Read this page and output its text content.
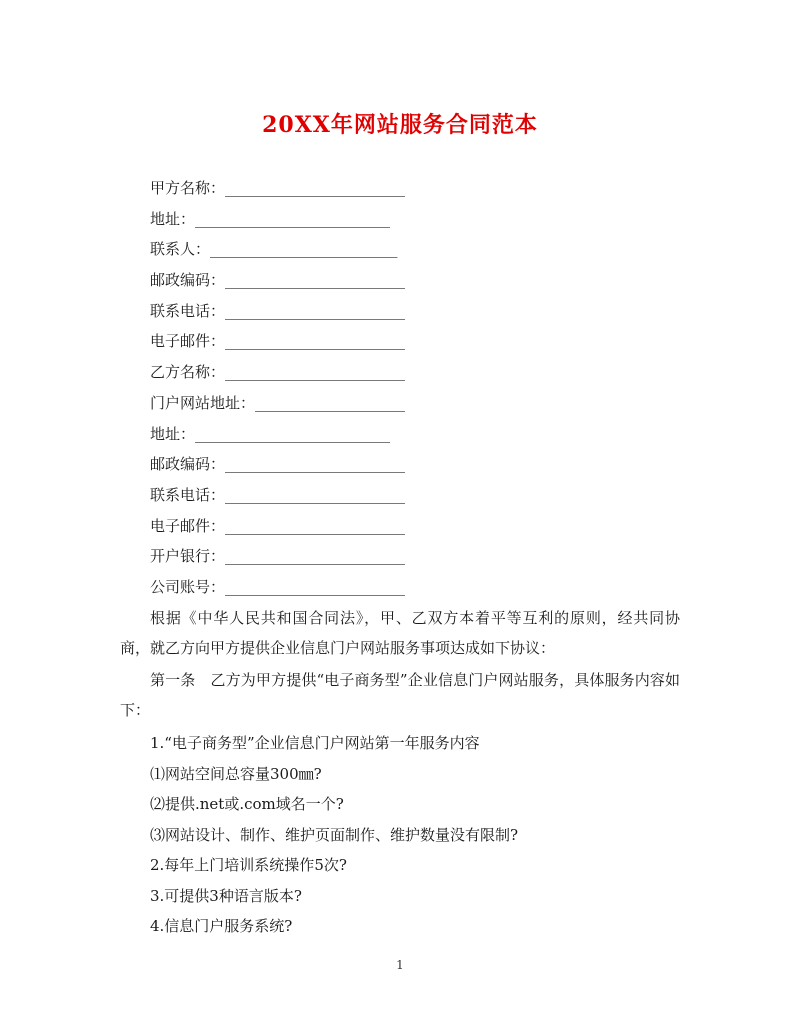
20XX年网站服务合同范本
甲方名称：________________________
地址：__________________________
联系人：_________________________
邮政编码：________________________
联系电话：________________________
电子邮件：________________________
乙方名称：________________________
门户网站地址：____________________
地址：__________________________
邮政编码：________________________
联系电话：________________________
电子邮件：________________________
开户银行：________________________
公司账号：________________________

根据《中华人民共和国合同法》，甲、乙双方本着平等互利的原则，经共同协商，就乙方向甲方提供企业信息门户网站服务事项达成如下协议：

第一条　乙方为甲方提供“电子商务型”企业信息门户网站服务，具体服务内容如下：

1.“电子商务型”企业信息门户网站第一年服务内容
⑴网站空间总容量300㎜?
⑵提供.net或.com域名一个?
⑶网站设计、制作、维护页面制作、维护数量没有限制?
2.每年上门培训系统操作5次?
3.可提供3种语言版本?
4.信息门户服务系统?
1
